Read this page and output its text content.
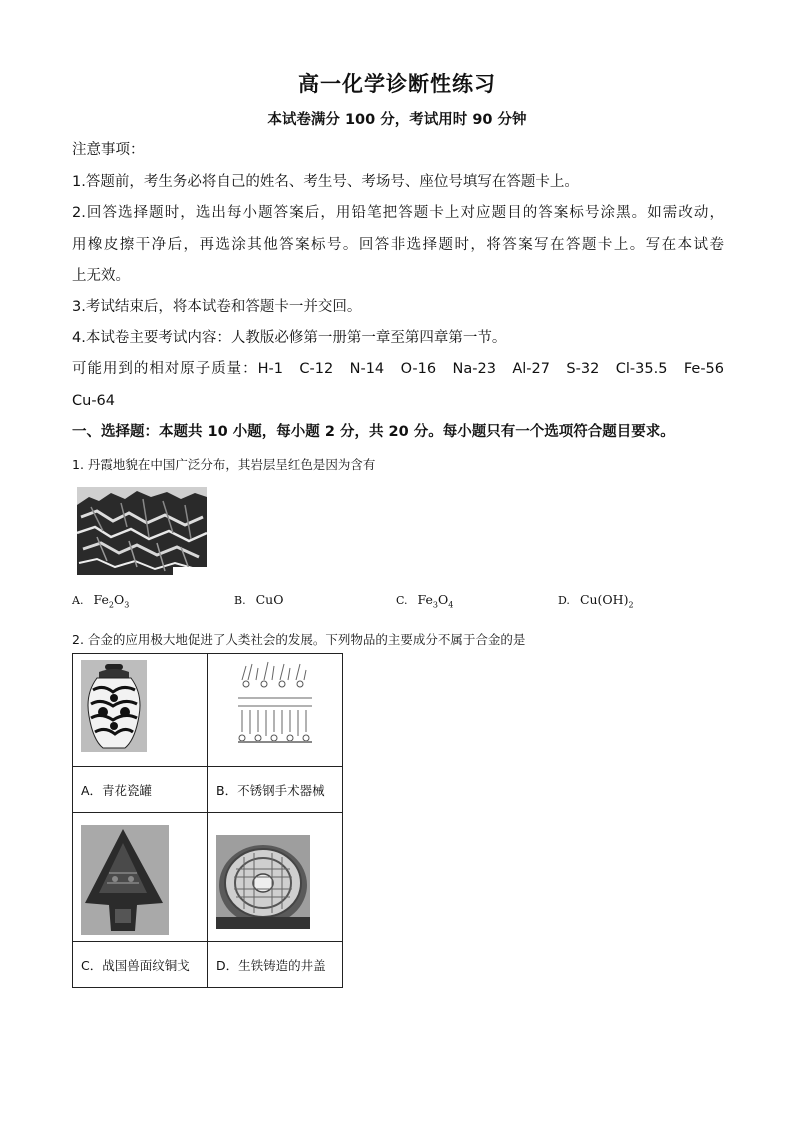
高一化学诊断性练习
本试卷满分 100 分，考试用时 90 分钟
注意事项：
1.答题前，考生务必将自己的姓名、考生号、考场号、座位号填写在答题卡上。
2.回答选择题时，选出每小题答案后，用铅笔把答题卡上对应题目的答案标号涂黑。如需改动，
用橡皮擦干净后，再选涂其他答案标号。回答非选择题时，将答案写在答题卡上。写在本试卷
上无效。
3.考试结束后，将本试卷和答题卡一并交回。
4.本试卷主要考试内容：人教版必修第一册第一章至第四章第一节。
可能用到的相对原子质量：H-1　C-12　N-14　O-16　Na-23　Al-27　S-32　Cl-35.5　Fe-56
Cu-64
一、选择题：本题共 10 小题，每小题 2 分，共 20 分。每小题只有一个选项符合题目要求。
1. 丹霞地貌在中国广泛分布，其岩层呈红色是因为含有
A. $Fe_2O_3$	B. CuO	C. $Fe_3O_4$	D. $Cu(OH)_2$
2. 合金的应用极大地促进了人类社会的发展。下列物品的主要成分不属于合金的是

A．青花瓷罐	B．不锈钢手术器械

C．战国兽面纹铜戈	D．生铁铸造的井盖
